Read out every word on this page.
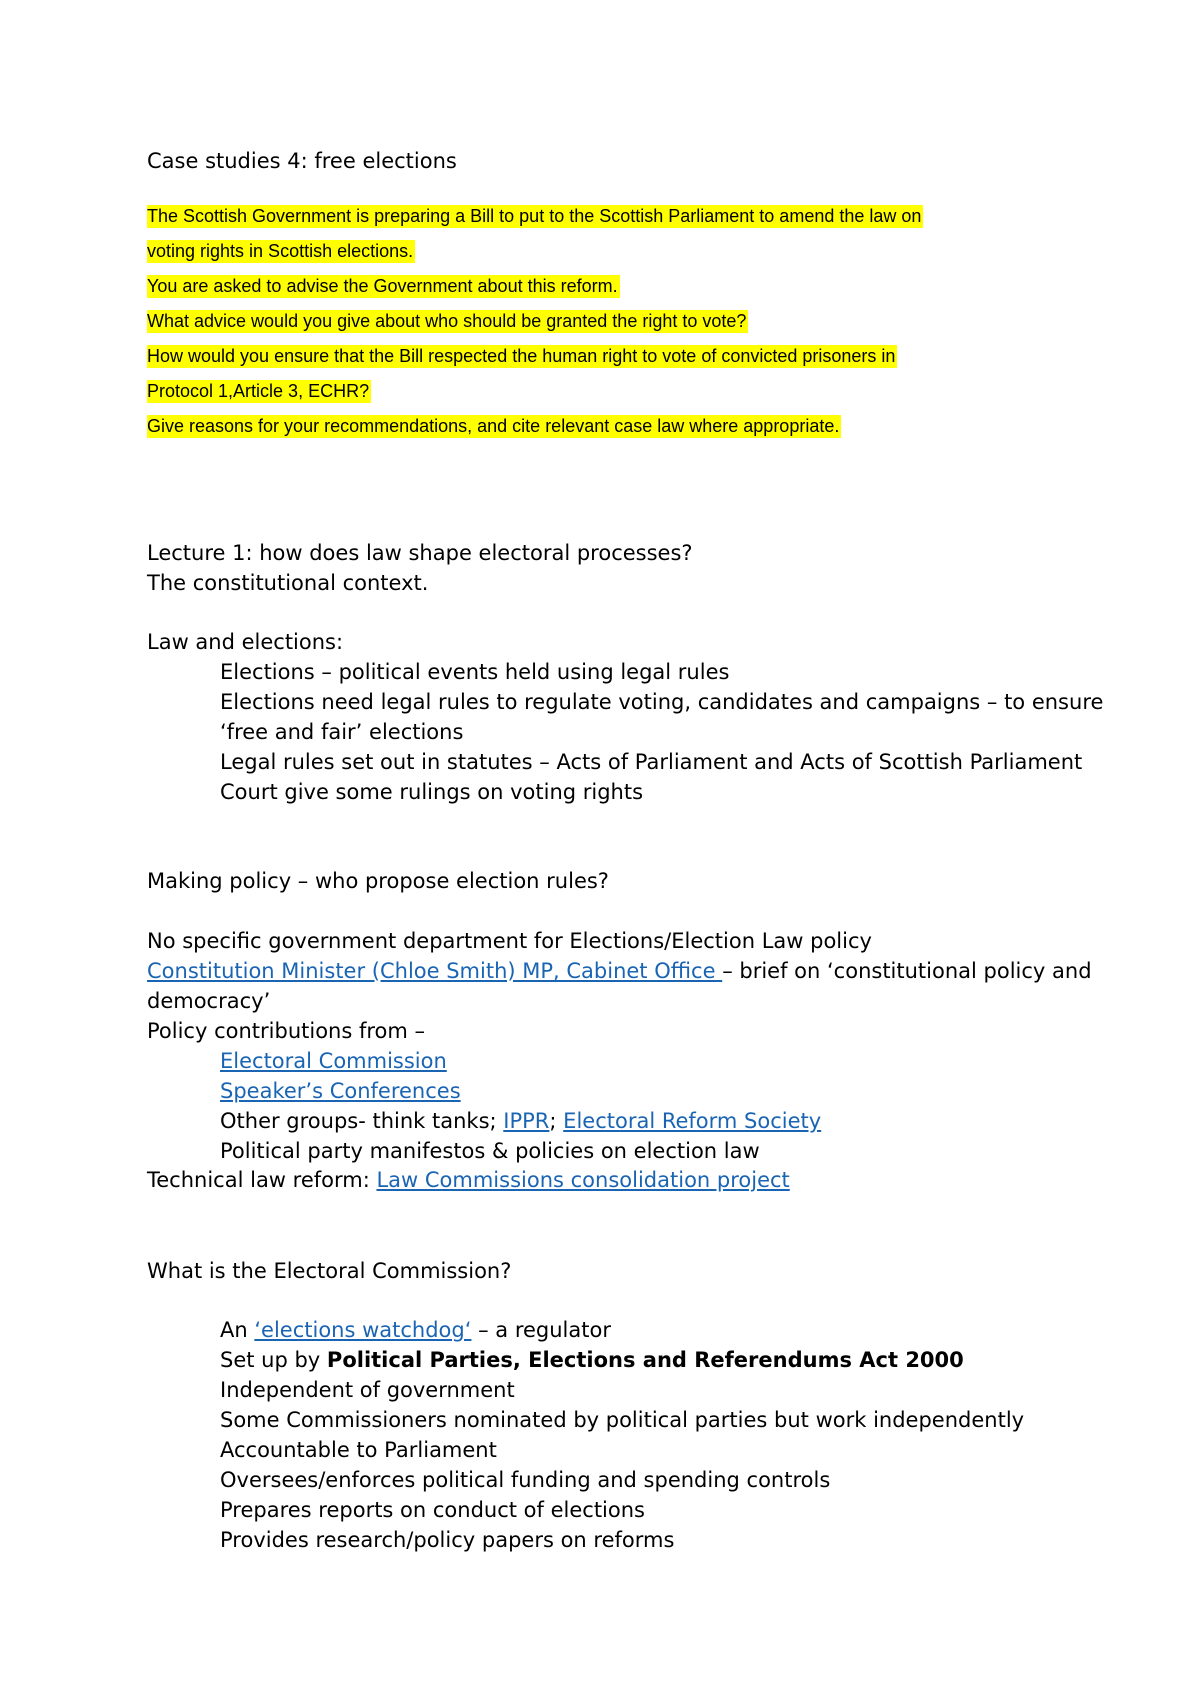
Case studies 4: free elections
The Scottish Government is preparing a Bill to put to the Scottish Parliament to amend the law on
voting rights in Scottish elections.
You are asked to advise the Government about this reform.
What advice would you give about who should be granted the right to vote?
How would you ensure that the Bill respected the human right to vote of convicted prisoners in
Protocol 1,Article 3, ECHR?
Give reasons for your recommendations, and cite relevant case law where appropriate.
Lecture 1: how does law shape electoral processes?
The constitutional context.
Law and elections:
Elections – political events held using legal rules
Elections need legal rules to regulate voting, candidates and campaigns – to ensure
‘free and fair’ elections
Legal rules set out in statutes – Acts of Parliament and Acts of Scottish Parliament
Court give some rulings on voting rights
Making policy – who propose election rules?
No specific government department for Elections/Election Law policy
Constitution Minister (Chloe Smith) MP, Cabinet Office – brief on ‘constitutional policy and
democracy’
Policy contributions from –
Electoral Commission
Speaker’s Conferences
Other groups- think tanks; IPPR; Electoral Reform Society
Political party manifestos & policies on election law
Technical law reform: Law Commissions consolidation project
What is the Electoral Commission?
An ‘elections watchdog‘ – a regulator
Set up by Political Parties, Elections and Referendums Act 2000
Independent of government
Some Commissioners nominated by political parties but work independently
Accountable to Parliament
Oversees/enforces political funding and spending controls
Prepares reports on conduct of elections
Provides research/policy papers on reforms
